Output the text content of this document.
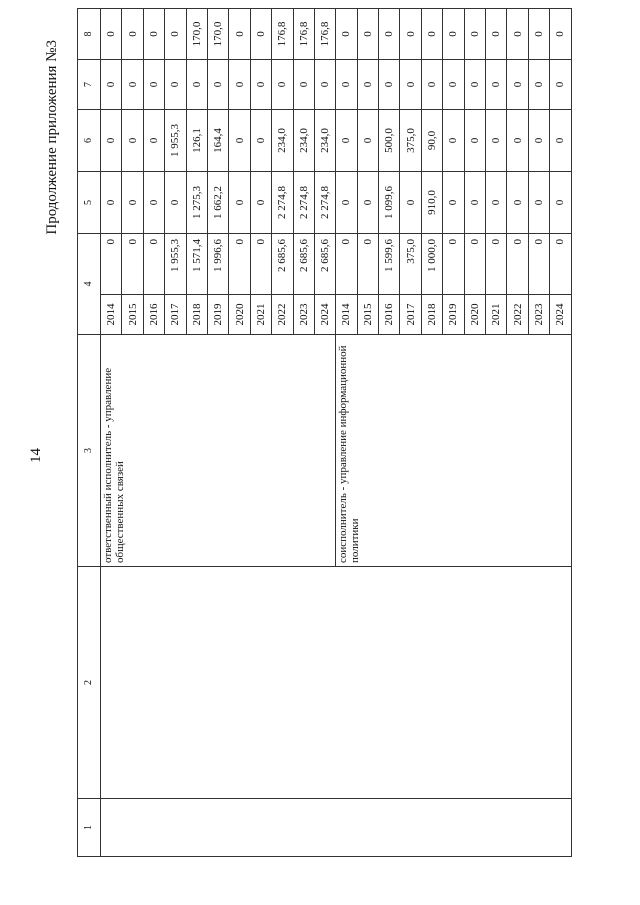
14
Продолжение приложения №3
1	2	3	4		5	6	7	8
		ответственный исполнитель - управление общественных связей	2014	0	0	0	0	0
			2015	0	0	0	0	0
			2016	0	0	0	0	0
			2017	1 955,3	0	1 955,3	0	0
			2018	1 571,4	1 275,3	126,1	0	170,0
			2019	1 996,6	1 662,2	164,4	0	170,0
			2020	0	0	0	0	0
			2021	0	0	0	0	0
			2022	2 685,6	2 274,8	234,0	0	176,8
			2023	2 685,6	2 274,8	234,0	0	176,8
			2024	2 685,6	2 274,8	234,0	0	176,8
		соисполнитель - управление информационной политики	2014	0	0	0	0	0
			2015	0	0	0	0	0
			2016	1 599,6	1 099,6	500,0	0	0
			2017	375,0	0	375,0	0	0
			2018	1 000,0	910,0	90,0	0	0
			2019	0	0	0	0	0
			2020	0	0	0	0	0
			2021	0	0	0	0	0
			2022	0	0	0	0	0
			2023	0	0	0	0	0
			2024	0	0	0	0	0
